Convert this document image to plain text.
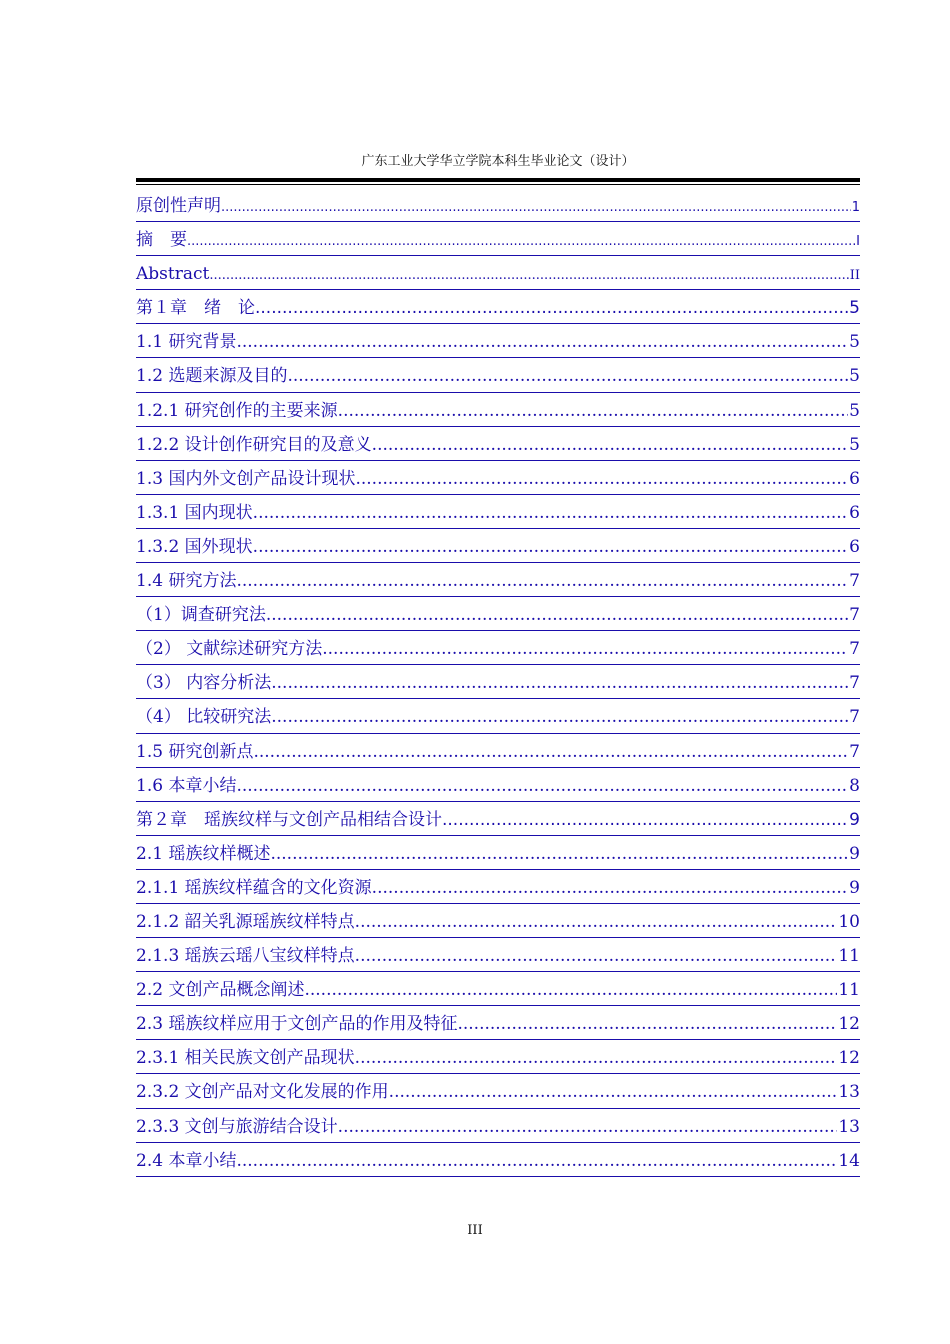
广东工业大学华立学院本科生毕业论文（设计）
原创性声明 .....	1
摘　要 .....	I
Abstract .....	II
第１章　绪　论 .....	5
1.1 研究背景 .....	5
1.2 选题来源及目的 .....	5
1.2.1 研究创作的主要来源 .....	5
1.2.2 设计创作研究目的及意义 .....	5
1.3 国内外文创产品设计现状 .....	6
1.3.1 国内现状 .....	6
1.3.2 国外现状 .....	6
1.4 研究方法 .....	7
（1）调查研究法 .....	7
（2） 文献综述研究方法 .....	7
（3） 内容分析法 .....	7
（4） 比较研究法 .....	7
1.5 研究创新点 .....	7
1.6 本章小结 .....	8
第２章　瑶族纹样与文创产品相结合设计 .....	9
2.1 瑶族纹样概述 .....	9
2.1.1 瑶族纹样蕴含的文化资源 .....	9
2.1.2 韶关乳源瑶族纹样特点 .....	10
2.1.3 瑶族云瑶八宝纹样特点 .....	11
2.2 文创产品概念阐述 .....	11
2.3 瑶族纹样应用于文创产品的作用及特征 .....	12
2.3.1 相关民族文创产品现状 .....	12
2.3.2 文创产品对文化发展的作用 .....	13
2.3.3 文创与旅游结合设计 .....	13
2.4 本章小结 .....	14
III
